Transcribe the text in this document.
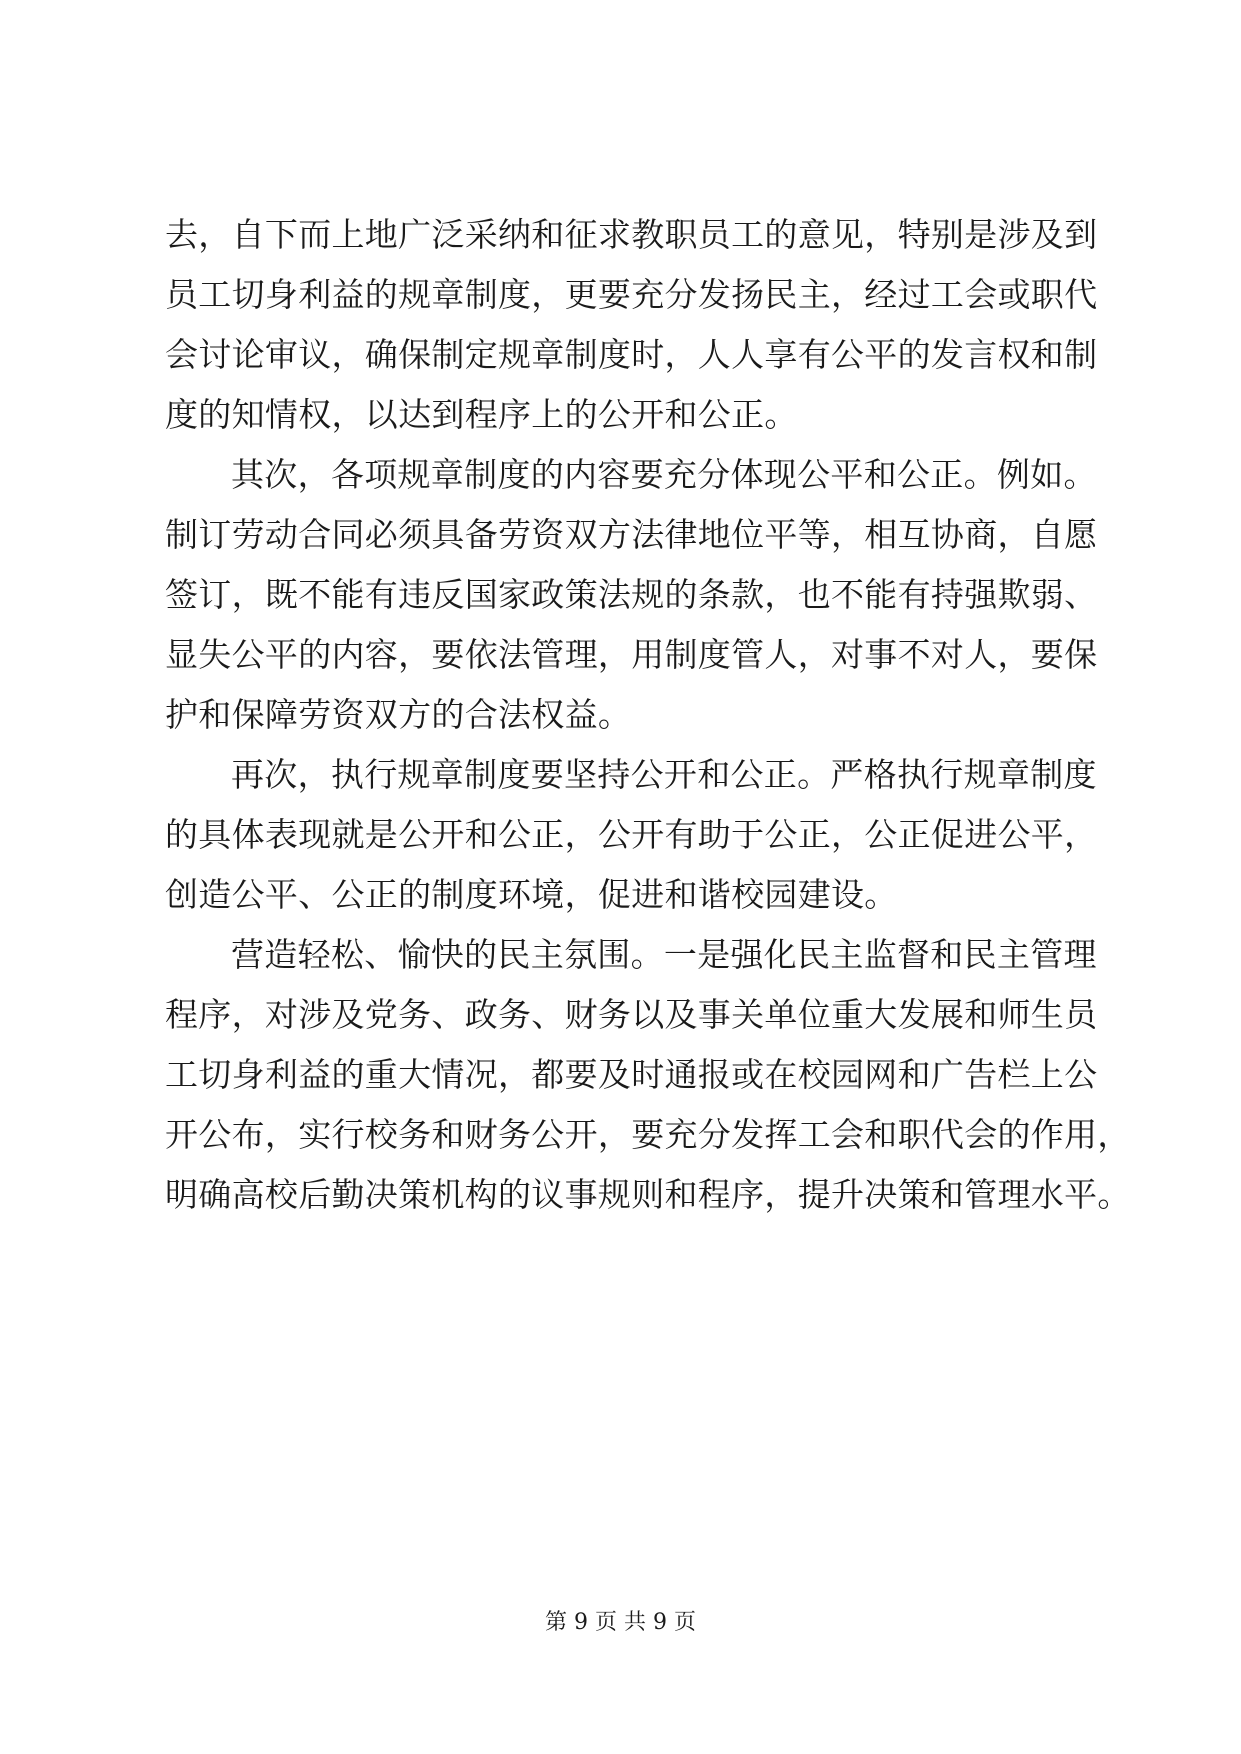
去，自下而上地广泛采纳和征求教职员工的意见，特别是涉及到
员工切身利益的规章制度，更要充分发扬民主，经过工会或职代
会讨论审议，确保制定规章制度时，人人享有公平的发言权和制
度的知情权，以达到程序上的公开和公正。
其次，各项规章制度的内容要充分体现公平和公正。例如。
制订劳动合同必须具备劳资双方法律地位平等，相互协商，自愿
签订，既不能有违反国家政策法规的条款，也不能有持强欺弱、
显失公平的内容，要依法管理，用制度管人，对事不对人，要保
护和保障劳资双方的合法权益。
再次，执行规章制度要坚持公开和公正。严格执行规章制度
的具体表现就是公开和公正，公开有助于公正，公正促进公平，
创造公平、公正的制度环境，促进和谐校园建设。
营造轻松、愉快的民主氛围。一是强化民主监督和民主管理
程序，对涉及党务、政务、财务以及事关单位重大发展和师生员
工切身利益的重大情况，都要及时通报或在校园网和广告栏上公
开公布，实行校务和财务公开，要充分发挥工会和职代会的作用，
明确高校后勤决策机构的议事规则和程序，提升决策和管理水平。
第 9 页 共 9 页
